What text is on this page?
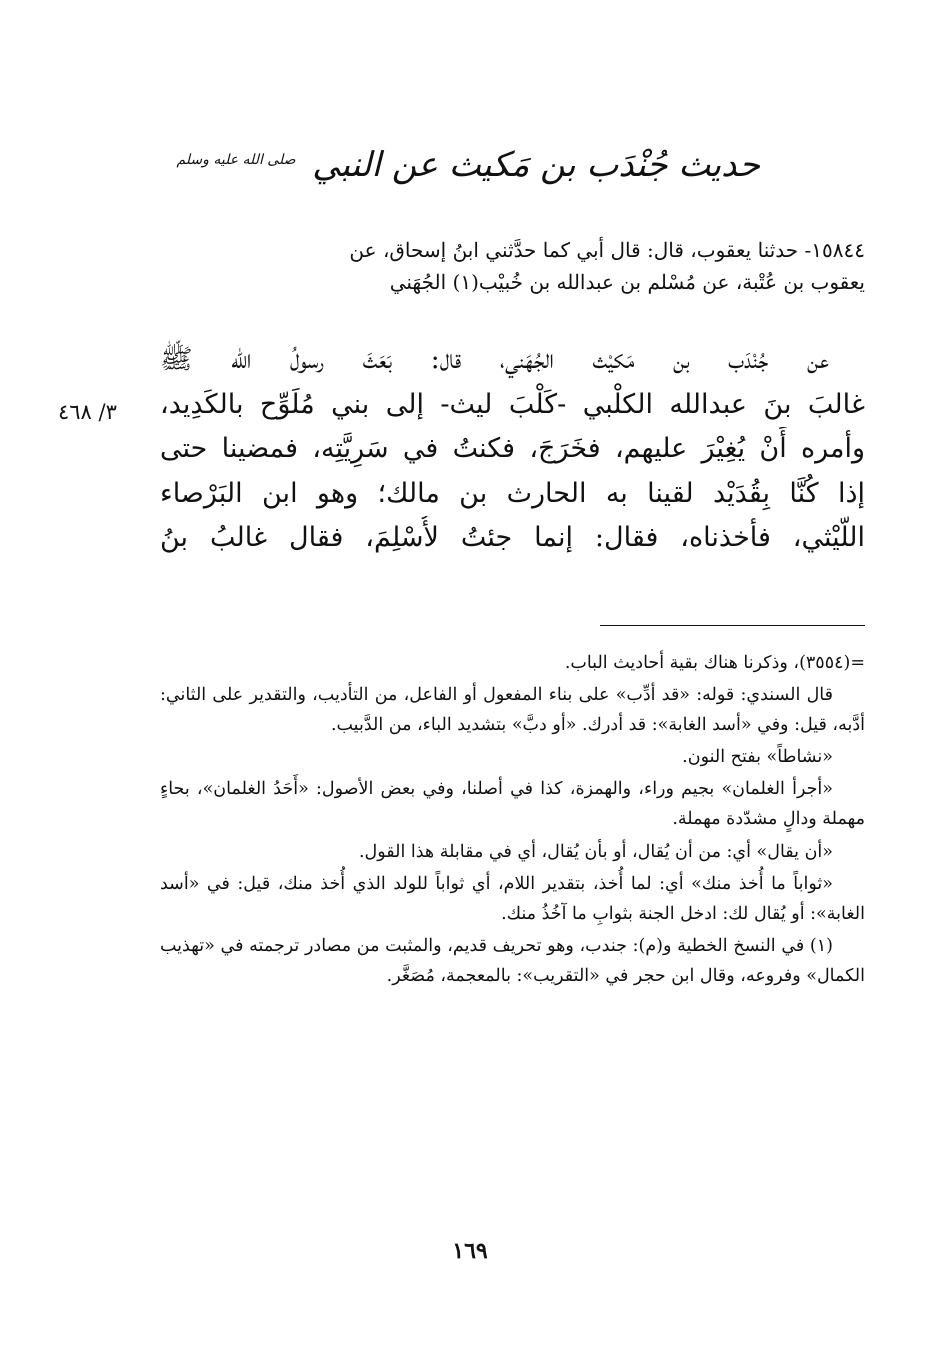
حديث جُنْدَب بن مَكيث عن النبي $^{صلى الله عليه وسلم}$

١٥٨٤٤- حدثنا يعقوب، قال: قال أبي كما حدَّثني ابنُ إسحاق، عن

يعقوب بن عُتْبة، عن مُسْلم بن عبدالله بن خُبيْب(١) الجُهَني

عن جُنْدَب بن مَكيْث الجُهَني، قال: بَعَثَ رسولُ الله ﷺ
غالبَ بنَ عبدالله الكلْبي -كَلْبَ ليث- إلى بني مُلَوِّح بالكَدِيد،
وأمره أَنْ يُغِيْرَ عليهم، فخَرَجَ، فكنتُ في سَرِيَّتِه، فمضينا حتى
إذا كُنَّا بِقُدَيْد لقينا به الحارث بن مالك؛ وهو ابن البَرْصاء
اللَّيْثي، فأخذناه، فقال: إنما جئتُ لأُسْلِمَ، فقال غالبُ بنُ
٣/ ٤٦٨

=(٣٥٥٤)، وذكرنا هناك بقية أحاديث الباب.

قال السندي: قوله: «قد أدِّب» على بناء المفعول أو الفاعل، من التأديب، والتقدير على الثاني: أدَّبه، قيل: وفي «أسد الغابة»: قد أدرك. «أو دبَّ» بتشديد الباء، من الدَّبيب.

«نشاطاً» بفتح النون.

«أجرأ الغلمان» بجيم وراء، والهمزة، كذا في أصلنا، وفي بعض الأصول: «أَحَدُ الغلمان»، بحاءٍ مهملة ودالٍ مشدّدة مهملة.

«أن يقال» أي: من أن يُقال، أو بأن يُقال، أي في مقابلة هذا القول.

«ثواباً ما أُخذ منك» أي: لما أُخذ، بتقدير اللام، أي ثواباً للولد الذي أُخذ منك، قيل: في «أسد الغابة»: أو يُقال لك: ادخل الجنة بثوابِ ما آخُذُ منك.

(١) في النسخ الخطية و(م): جندب، وهو تحريف قديم، والمثبت من مصادر ترجمته في «تهذيب الكمال» وفروعه، وقال ابن حجر في «التقريب»: بالمعجمة، مُصَغَّر.

١٦٩
